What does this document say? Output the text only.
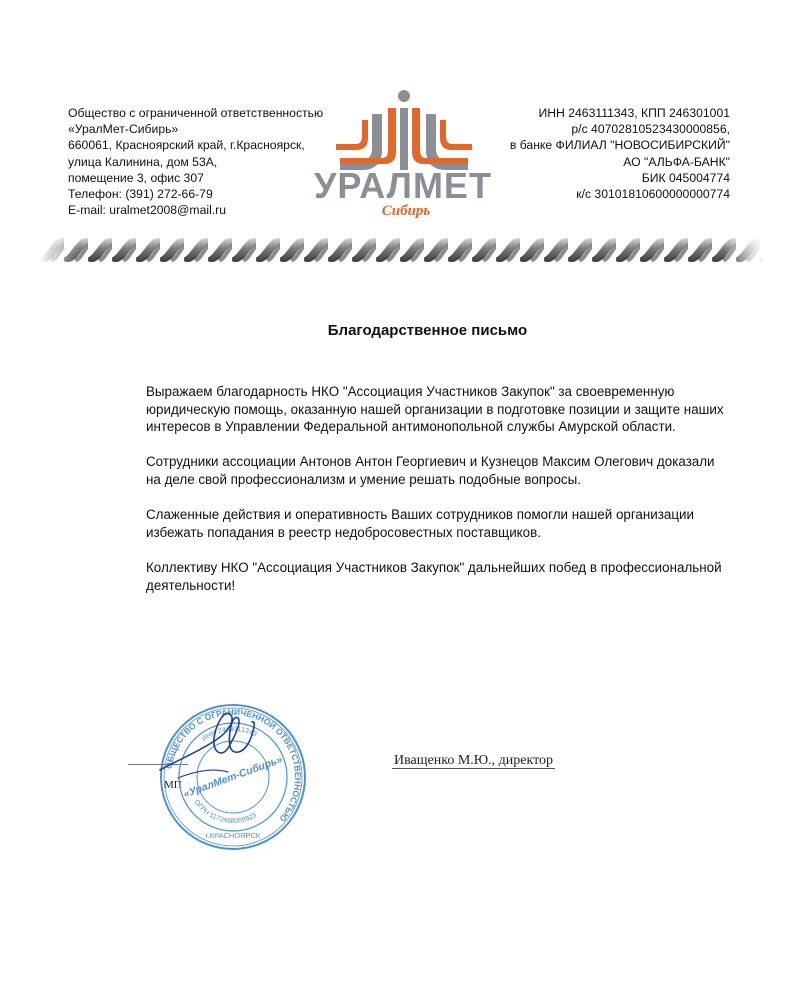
Общество с ограниченной ответственностью
«УралМет-Сибирь»
660061, Красноярский край, г.Красноярск,
улица Калинина, дом 53А,
помещение 3, офис 307
Телефон: (391) 272-66-79
E-mail: uralmet2008@mail.ru
УРАЛМЕТ
Сибирь
ИНН 2463111343, КПП 246301001
р/с 40702810523430000856,
в банке ФИЛИАЛ "НОВОСИБИРСКИЙ"
АО "АЛЬФА-БАНК"
БИК 045004774
к/с 30101810600000000774
Благодарственное письмо

Выражаем благодарность НКО "Ассоциация Участников Закупок" за своевременную юридическую помощь, оказанную нашей организации в подготовке позиции и защите наших интересов в Управлении Федеральной антимонопольной службы Амурской области.

Сотрудники ассоциации Антонов Антон Георгиевич и Кузнецов Максим Олегович доказали на деле свой профессионализм и умение решать подобные вопросы.

Слаженные действия и оперативность Ваших сотрудников помогли нашей организации избежать попадания в реестр недобросовестных поставщиков.

Коллективу НКО "Ассоциация Участников Закупок" дальнейших побед в профессиональной деятельности!

МП
ОБЩЕСТВО С ОГРАНИЧЕННОЙ ОТВЕТСТВЕННОСТЬЮ
ИНН 2463111343
ОГРН 1172468069923
г.КРАСНОЯРСК
«УралМет-Сибирь»	Иващенко М.Ю., директор
